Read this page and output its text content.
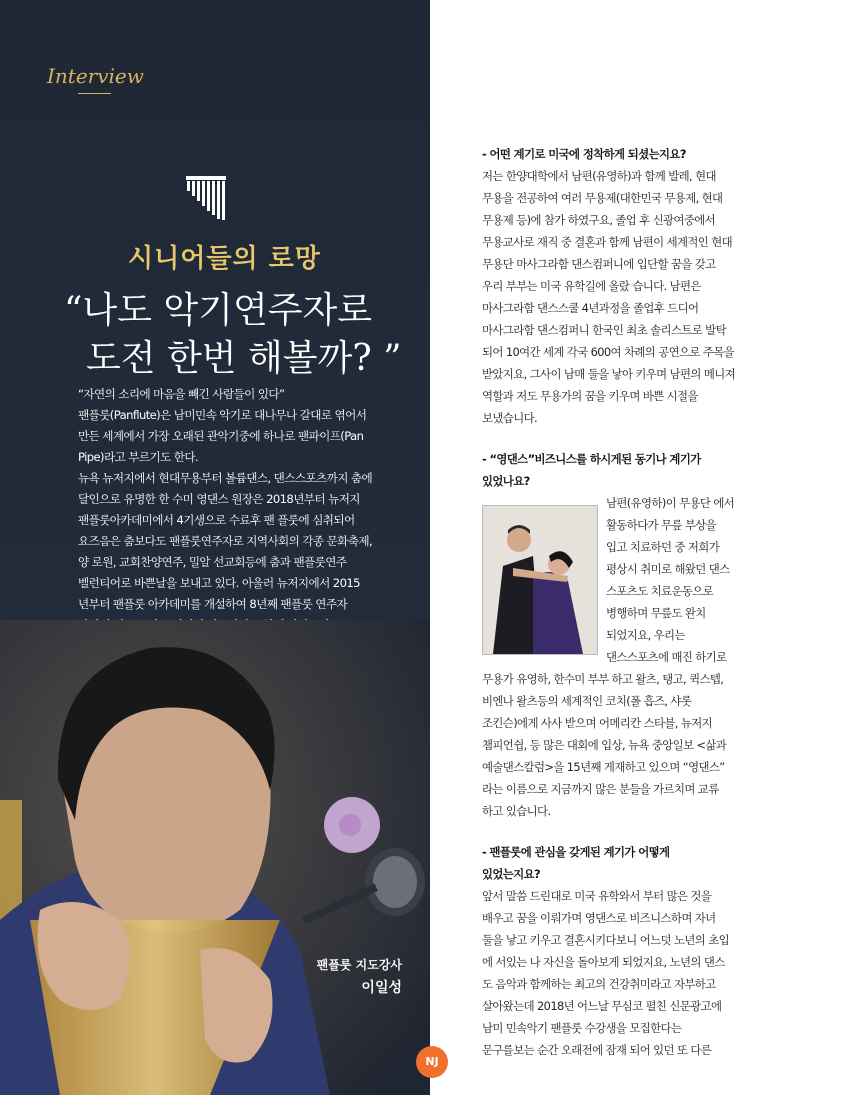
Interview
시니어들의 로망
“나도 악기연주자로
도전 한번 해볼까? ”

“자연의 소리에 마음을 빼긴 사람들이 있다”

팬플룻(Panflute)은 남미민속 악기로 대나무나 갈대로 엮어서

만든 세계에서 가장 오래된 관악기중에 하나로 팬파이프(Pan

Pipe)라고 부르기도 한다.

뉴욕 뉴저지에서 현대무용부터 볼륨댄스, 댄스스포츠까지 춤에

달인으로 유명한 한 수미 영댄스 원장은 2018년부터 뉴저지

팬플룻아카데미에서 4기생으로 수료후 팬 플룻에 심취되어

요즈음은 춤보다도 팬플룻연주자로 지역사회의 각종 문화축제,

양 로원, 교회찬양연주, 밀알 선교회등에 춤과 팬플룻연주

벨런티어로 바쁜날을 보내고 있다. 아울러 뉴저지에서 2015

년부터 팬플룻 아카데미를 개설하여 8년째 팬플룻 연주자

팬플룻 지도강사
이일성
NJ

- 어떤 계기로 미국에 정착하게 되셨는지요?

저는 한양대학에서 남편(유영하)과 함께 발레, 현대

무용을 전공하여 여러 무용제(대한민국 무용제, 현대

무용제 등)에 참가 하였구요, 졸업 후 신광여중에서

무용교사로 재직 중 결혼과 함께 남편이 세계적인 현대

무용단 마사그라함 댄스컴퍼니에 입단할 꿈을 갖고

우리 부부는 미국 유학길에 올랐 습니다. 남편은

마사그라함 댄스스쿨 4년과정을 졸업후 드디어

마사그라함 댄스컴퍼니 한국인 최초 솔리스트로 발탁

되어 10여간 세계 각국 600여 차례의 공연으로 주목을

받았지요, 그사이 남매 둘을 낳아 키우며 남편의 메니져

역할과 저도 무용가의 꿈을 키우며 바쁜 시절을

보냈습니다.

- “영댄스”비즈니스를 하시게된 동기나 계기가

있었나요?

남편(유영하)이 무용단 에서

활동하다가 무릎 부상을

입고 치료하던 중 저희가

평상시 취미로 해왔던 댄스

스포츠도 치료운동으로

병행하며 무릎도 완치

되었지요, 우리는

댄스스포츠에 매진 하기로

무용가 유영하, 한수미 부부 하고 왈츠, 탱고, 퀵스텝,

비엔나 왈츠등의 세계적인 코치(폴 흡즈, 샤롯

조킨슨)에게 사사 받으며 어메리칸 스타블, 뉴저지

챔피언쉽, 등 많은 대회에 입상, 뉴욕 중앙일보 <삶과

예술댄스칼럼>을 15년째 게재하고 있으며 “영댄스”

라는 이름으로 지금까지 많은 분들을 가르치며 교류

하고 있습니다.

- 팬플룻에 관심을 갖게된 계기가 어떻게

있었는지요?

앞서 말씀 드린대로 미국 유학와서 부터 많은 것을

배우고 꿈을 이뤄가며 영댄스로 비즈니스하며 자녀

둘을 낳고 키우고 결혼시키다보니 어느덧 노년의 초입

에 서있는 나 자신을 돌아보게 되었지요, 노년의 댄스

도 음악과 함께하는 최고의 건강취미라고 자부하고

살아왔는데 2018년 어느날 무심코 펼친 신문광고에

남미 민속악기 팬플룻 수강생을 모집한다는

문구를보는 순간 오래전에 잠재 되어 있던 또 다른
